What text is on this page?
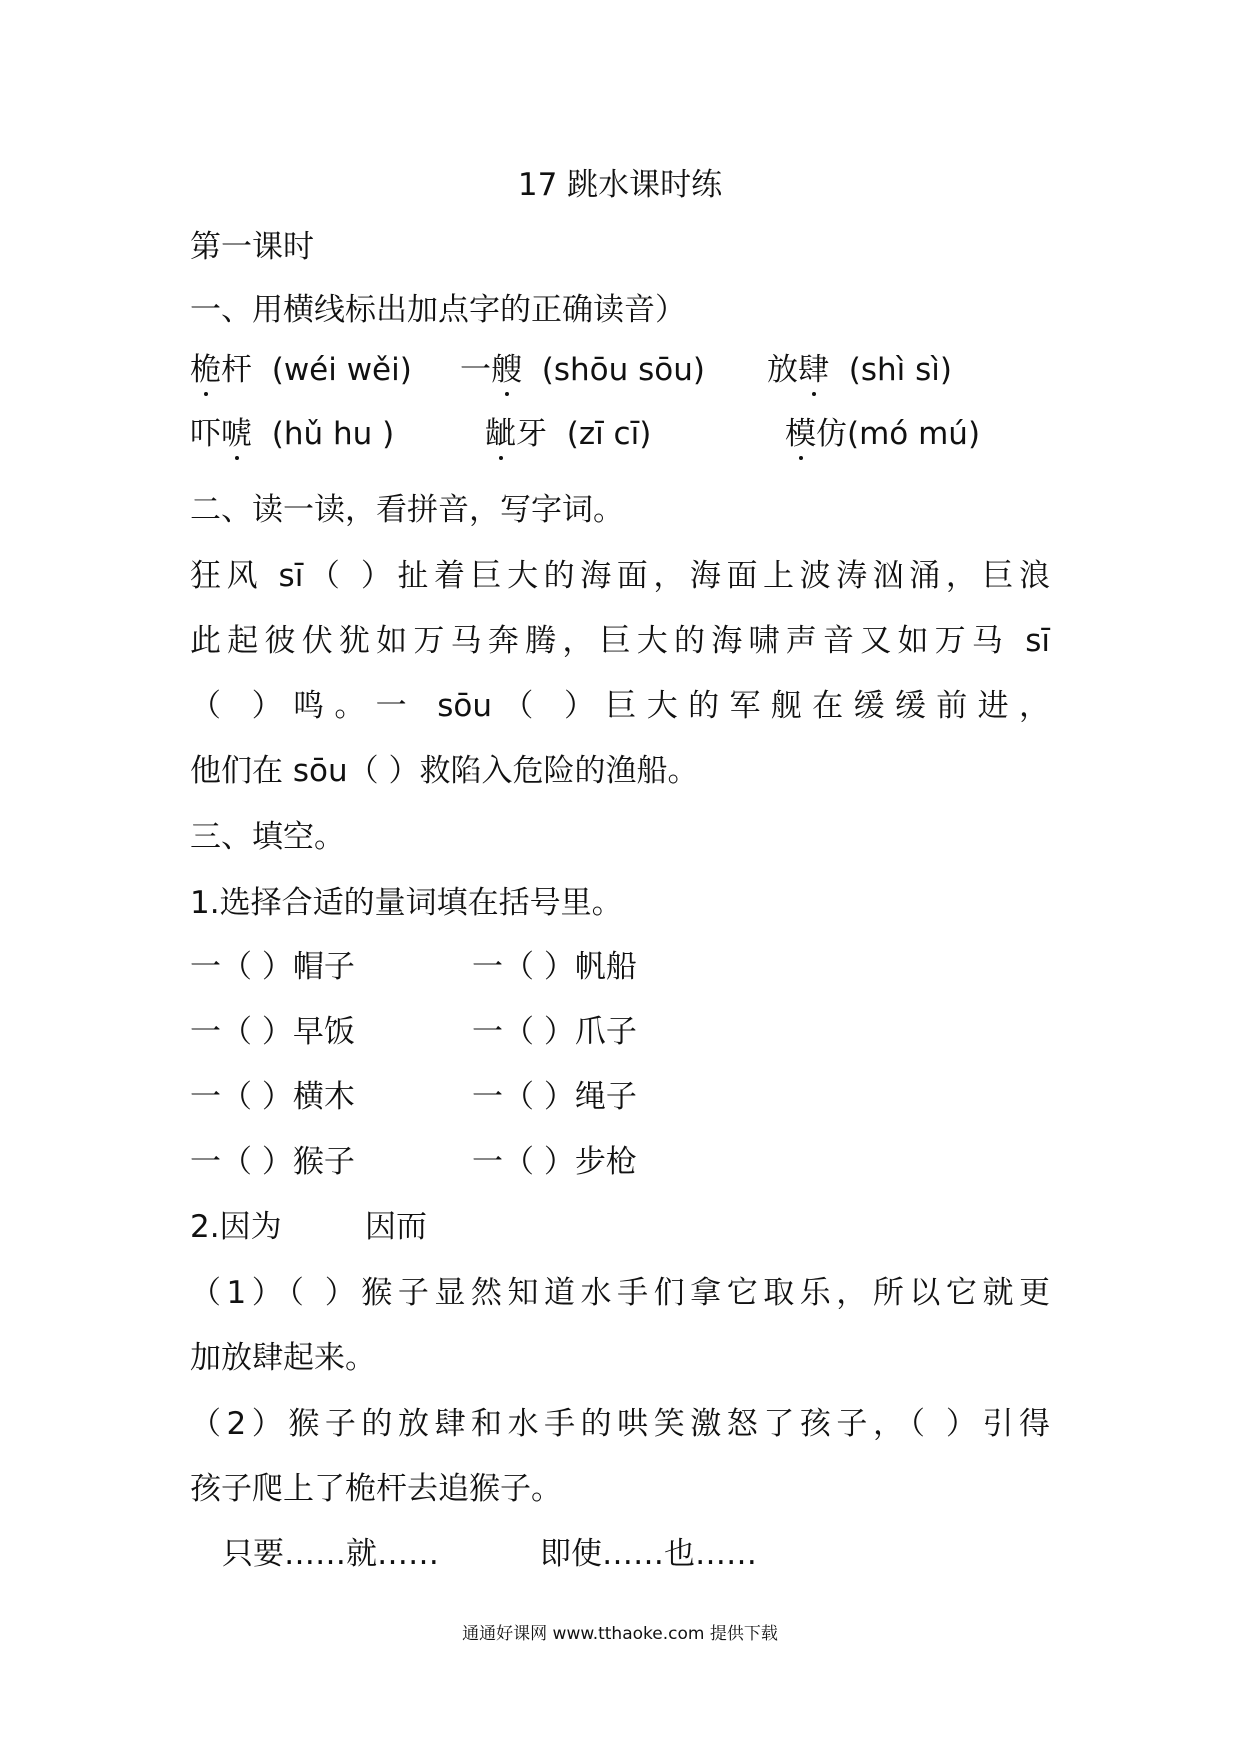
17 跳水课时练
第一课时
一、用横线标出加点字的正确读音）
桅杆 (wéi wěi) 一艘 (shōu sōu) 放肆 (shì sì)
吓唬 (hǔ hu )	龇牙 (zī cī)	模仿(mó mú)
二、读一读，看拼音，写字词。
狂风 sī（ ）扯着巨大的海面，海面上波涛汹涌，巨浪
此起彼伏犹如万马奔腾，巨大的海啸声音又如万马 sī
（ ）鸣。一 sōu（ ）巨大的军舰在缓缓前进，
他们在 sōu（ ）救陷入危险的渔船。
三、填空。
1.选择合适的量词填在括号里。
一（ ）帽子	一（ ）帆船
一（ ）早饭	一（ ）爪子
一（ ）横木	一（ ）绳子
一（ ）猴子	一（ ）步枪
2.因为	因而
（1）（ ）猴子显然知道水手们拿它取乐，所以它就更
加放肆起来。
（2）猴子的放肆和水手的哄笑激怒了孩子，（ ）引得
孩子爬上了桅杆去追猴子。
只要……就……	即使……也……
通通好课网 www.tthaoke.com 提供下载
